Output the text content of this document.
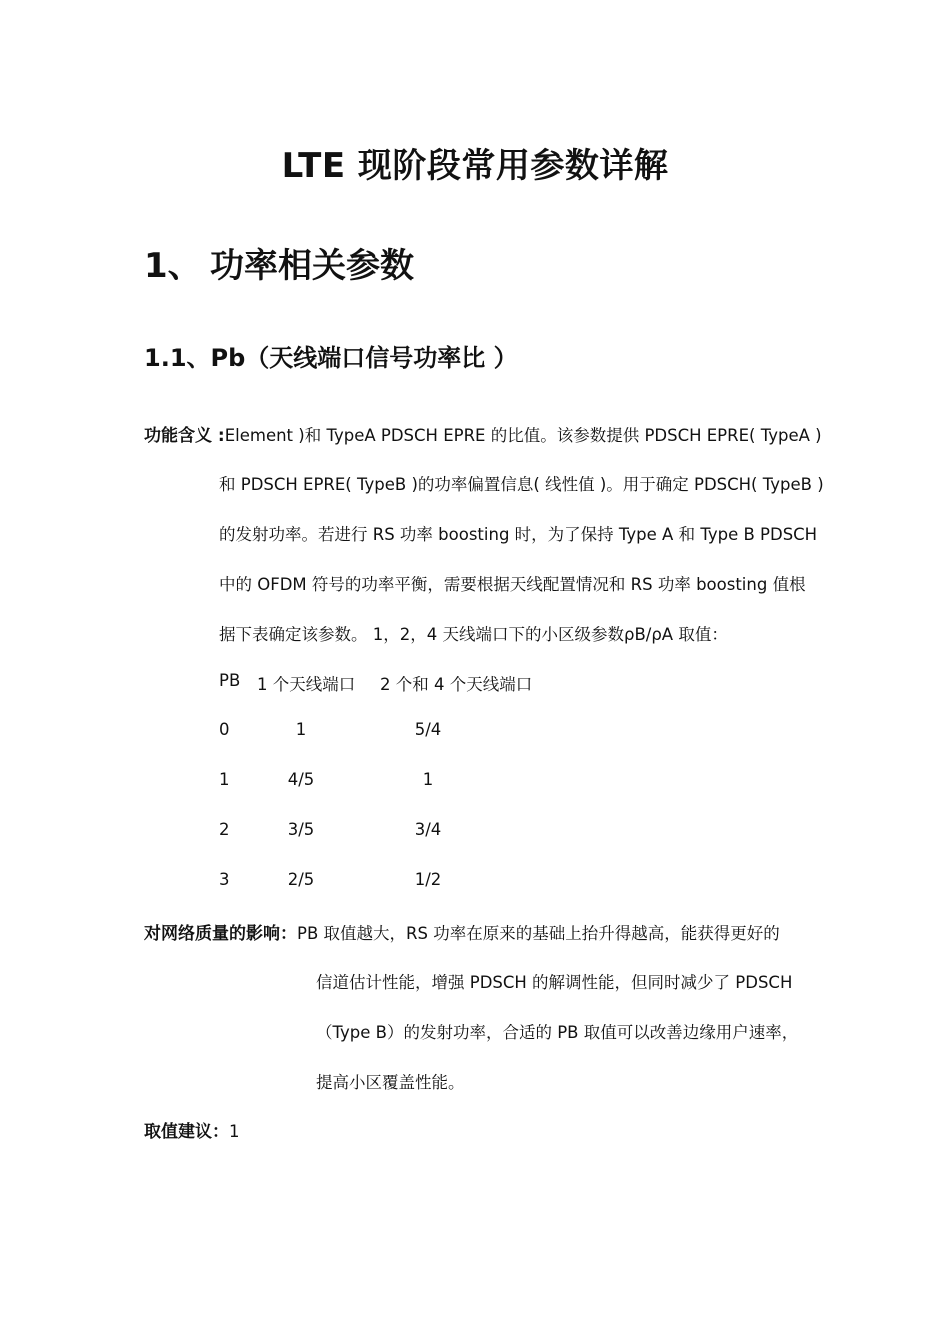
LTE 现阶段常用参数详解
1、 功率相关参数
1.1、Pb（天线端口信号功率比 ）
功能含义 :Element )和 TypeA PDSCH EPRE 的比值。该参数提供 PDSCH EPRE( TypeA )
和 PDSCH EPRE( TypeB )的功率偏置信息( 线性值 )。用于确定 PDSCH( TypeB )
的发射功率。若进行 RS 功率 boosting 时，为了保持 Type A 和 Type B PDSCH
中的 OFDM 符号的功率平衡，需要根据天线配置情况和 RS 功率 boosting 值根
据下表确定该参数。 1，2，4 天线端口下的小区级参数ρB/ρA 取值：
PB 1 个天线端口 2 个和 4 个天线端口
0	1	5/4
1	4/5	1
2	3/5	3/4
3	2/5	1/2
对网络质量的影响：PB 取值越大，RS 功率在原来的基础上抬升得越高，能获得更好的
信道估计性能，增强 PDSCH 的解调性能，但同时减少了 PDSCH
（Type B）的发射功率，合适的 PB 取值可以改善边缘用户速率，
提高小区覆盖性能。
取值建议：1
